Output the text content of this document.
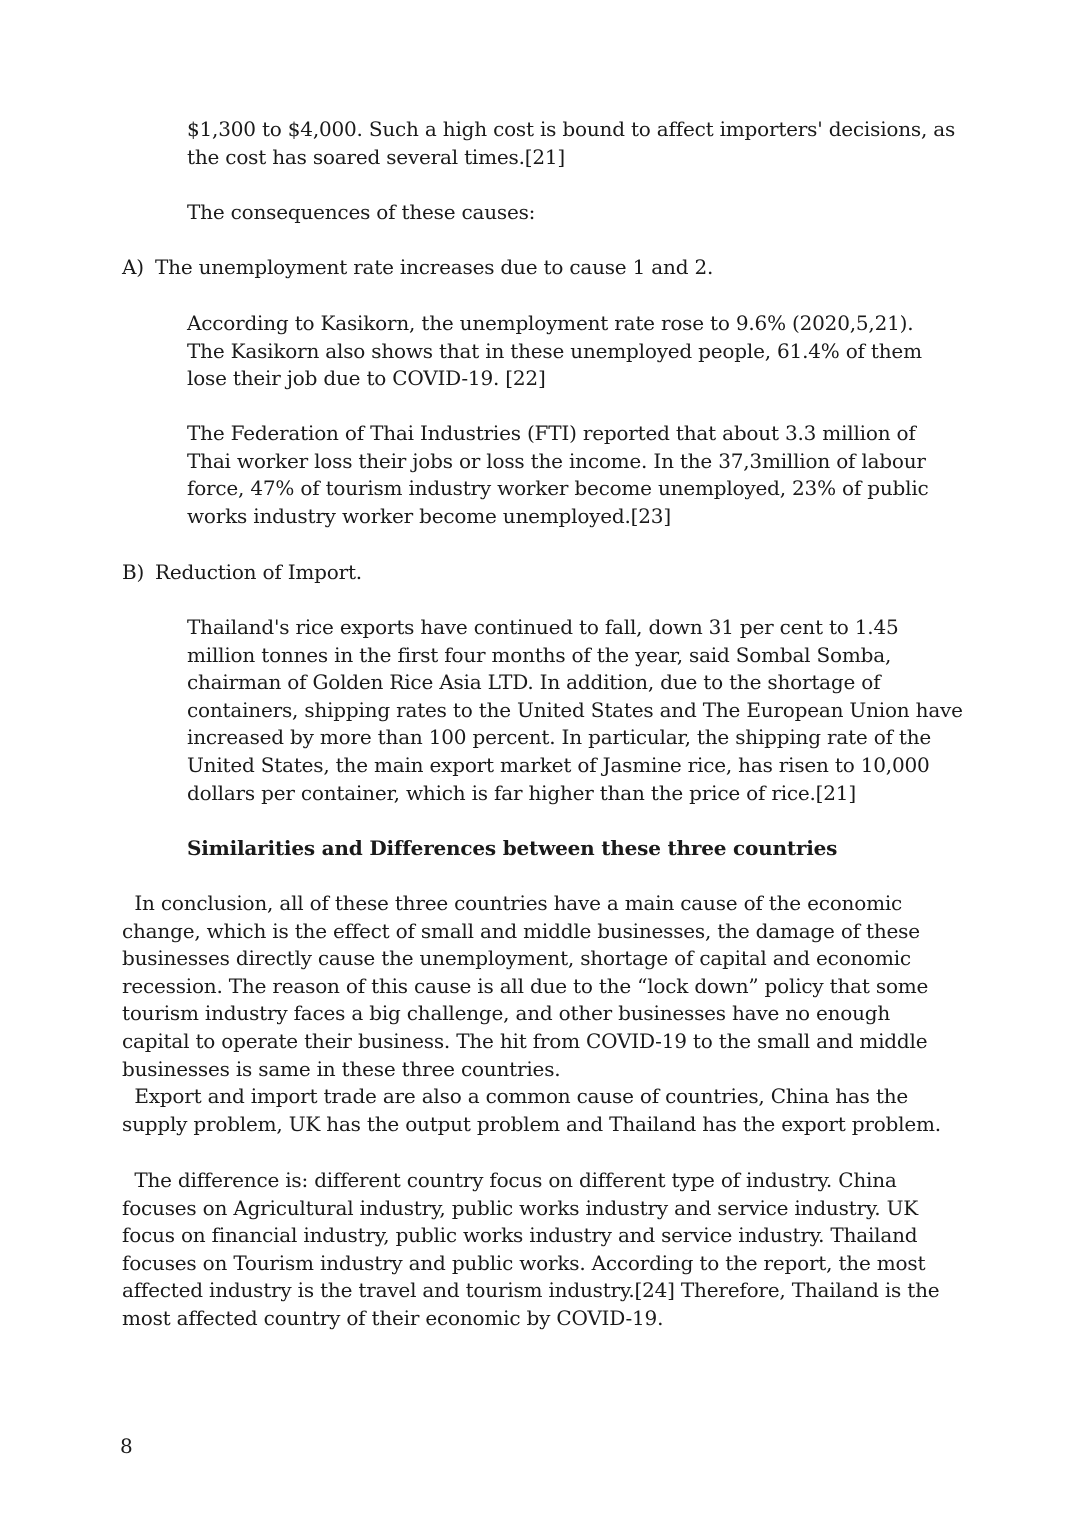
$1,300 to $4,000. Such a high cost is bound to affect importers' decisions, as
the cost has soared several times.[21]

The consequences of these causes:

A) The unemployment rate increases due to cause 1 and 2.

According to Kasikorn, the unemployment rate rose to 9.6% (2020,5,21).
The Kasikorn also shows that in these unemployed people, 61.4% of them
lose their job due to COVID-19. [22]

The Federation of Thai Industries (FTI) reported that about 3.3 million of
Thai worker loss their jobs or loss the income. In the 37,3million of labour
force, 47% of tourism industry worker become unemployed, 23% of public
works industry worker become unemployed.[23]

B) Reduction of Import.

Thailand's rice exports have continued to fall, down 31 per cent to 1.45
million tonnes in the first four months of the year, said Sombal Somba,
chairman of Golden Rice Asia LTD. In addition, due to the shortage of
containers, shipping rates to the United States and The European Union have
increased by more than 100 percent. In particular, the shipping rate of the
United States, the main export market of Jasmine rice, has risen to 10,000
dollars per container, which is far higher than the price of rice.[21]

Similarities and Differences between these three countries

In conclusion, all of these three countries have a main cause of the economic
change, which is the effect of small and middle businesses, the damage of these
businesses directly cause the unemployment, shortage of capital and economic
recession. The reason of this cause is all due to the “lock down” policy that some
tourism industry faces a big challenge, and other businesses have no enough
capital to operate their business. The hit from COVID-19 to the small and middle
businesses is same in these three countries.
Export and import trade are also a common cause of countries, China has the
supply problem, UK has the output problem and Thailand has the export problem.

The difference is: different country focus on different type of industry. China
focuses on Agricultural industry, public works industry and service industry. UK
focus on financial industry, public works industry and service industry. Thailand
focuses on Tourism industry and public works. According to the report, the most
affected industry is the travel and tourism industry.[24] Therefore, Thailand is the
most affected country of their economic by COVID-19.

8
